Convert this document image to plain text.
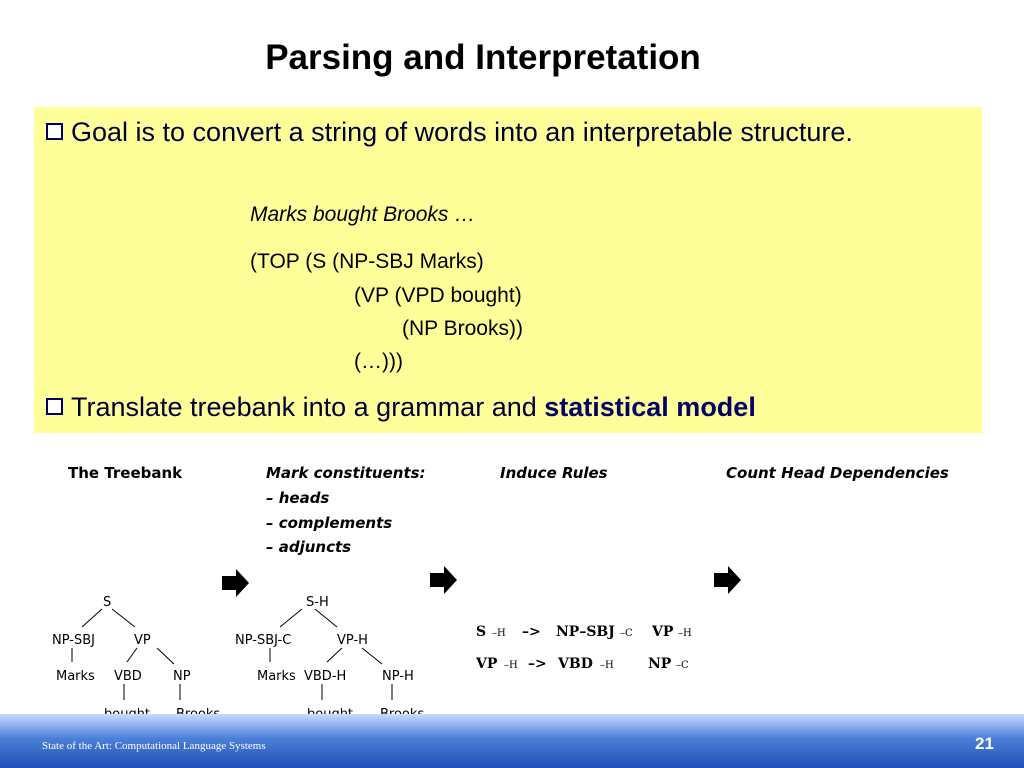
Parsing and Interpretation
Goal is to convert a string of words into an interpretable structure.
Marks bought Brooks …
(TOP (S (NP-SBJ Marks)
(VP (VPD bought)
(NP Brooks))
(…)))
Translate treebank into a grammar and statistical model
The Treebank	Mark constituents:
– heads
– complements
– adjuncts
Induce Rules	Count Head Dependencies
S
NP-SBJ	VP
Marks VBD NP
S-H
NP-SBJ-C	VP-H
Marks VBD-H	NP-H
S –H –> NP–SBJ –C VP –H
VP –H –> VBD –H NP –C
State of the Art: Computational Language Systems	21
